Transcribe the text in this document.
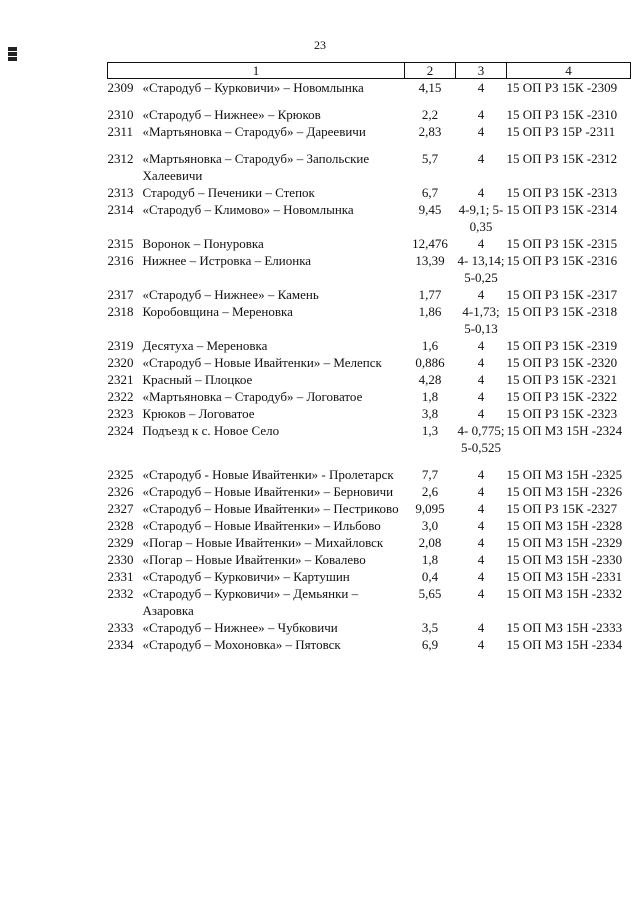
23
1	2	3	4
2309 «Стародуб – Курковичи» – Новомлынка	4,15	4	15 ОП РЗ 15К -2309

2310 «Стародуб – Нижнее» – Крюков	2,2	4	15 ОП РЗ 15К -2310
2311 «Мартьяновка – Стародуб» – Дареевичи	2,83	4	15 ОП РЗ 15Р -2311

2312 «Мартьяновка – Стародуб» – Запольские Халеевичи	5,7	4	15 ОП РЗ 15К -2312
2313 Стародуб – Печеники – Степок	6,7	4	15 ОП РЗ 15К -2313
2314 «Стародуб – Климово» – Новомлынка	9,45	4-9,1; 5-0,35	15 ОП РЗ 15К -2314
2315 Воронок – Понуровка	12,476	4	15 ОП РЗ 15К -2315
2316 Нижнее – Истровка – Елионка	13,39	4- 13,14; 5-0,25	15 ОП РЗ 15К -2316
2317 «Стародуб – Нижнее» – Камень	1,77	4	15 ОП РЗ 15К -2317
2318 Коробовщина – Мереновка	1,86	4-1,73; 5-0,13	15 ОП РЗ 15К -2318
2319 Десятуха – Мереновка	1,6	4	15 ОП РЗ 15К -2319
2320 «Стародуб – Новые Ивайтенки» – Мелепск	0,886	4	15 ОП РЗ 15К -2320
2321 Красный – Плоцкое	4,28	4	15 ОП РЗ 15К -2321
2322 «Мартьяновка – Стародуб» – Логоватое	1,8	4	15 ОП РЗ 15К -2322
2323 Крюков – Логоватое	3,8	4	15 ОП РЗ 15К -2323
2324 Подъезд к с. Новое Село	1,3	4- 0,775; 5-0,525	15 ОП МЗ 15Н -2324

2325 «Стародуб - Новые Ивайтенки» - Пролетарск	7,7	4	15 ОП МЗ 15Н -2325
2326 «Стародуб – Новые Ивайтенки» – Берновичи	2,6	4	15 ОП МЗ 15Н -2326
2327 «Стародуб – Новые Ивайтенки» – Пестриково	9,095	4	15 ОП РЗ 15К -2327
2328 «Стародуб – Новые Ивайтенки» – Ильбово	3,0	4	15 ОП МЗ 15Н -2328
2329 «Погар – Новые Ивайтенки» – Михайловск	2,08	4	15 ОП МЗ 15Н -2329
2330 «Погар – Новые Ивайтенки» – Ковалево	1,8	4	15 ОП МЗ 15Н -2330
2331 «Стародуб – Курковичи» – Картушин	0,4	4	15 ОП МЗ 15Н -2331
2332 «Стародуб – Курковичи» – Демьянки – Азаровка	5,65	4	15 ОП МЗ 15Н -2332
2333 «Стародуб – Нижнее» – Чубковичи	3,5	4	15 ОП МЗ 15Н -2333
2334 «Стародуб – Мохоновка» – Пятовск	6,9	4	15 ОП МЗ 15Н -2334
